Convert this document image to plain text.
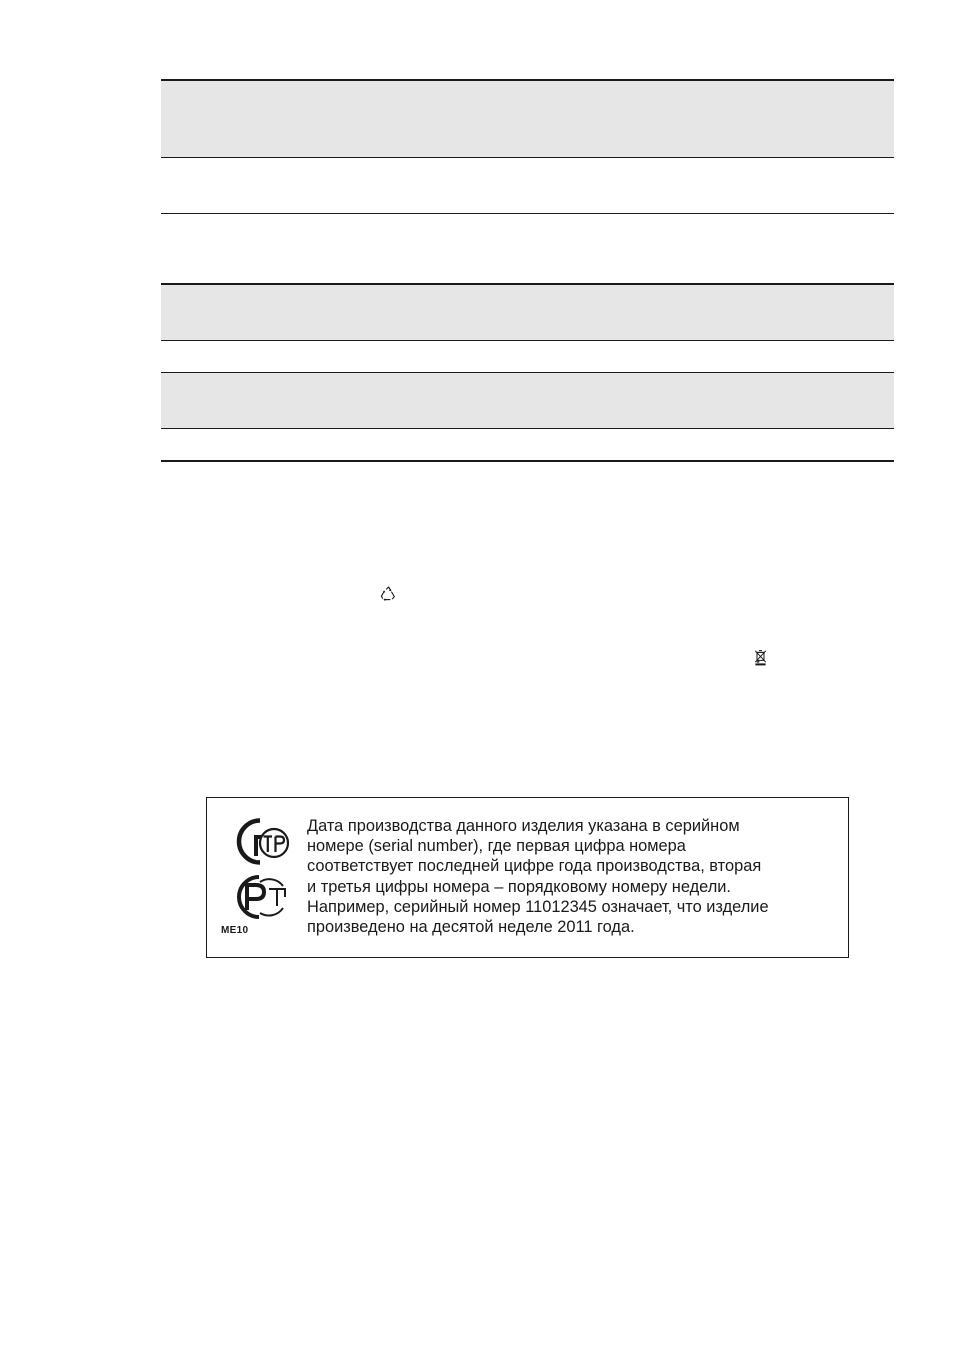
ME10
Дата производства данного изделия указана в серийном
номере (serial number), где первая цифра номера
соответствует последней цифре года производства, вторая
и третья цифры номера – порядковому номеру недели.
Например, серийный номер 11012345 означает, что изделие
произведено на десятой неделе 2011 года.
